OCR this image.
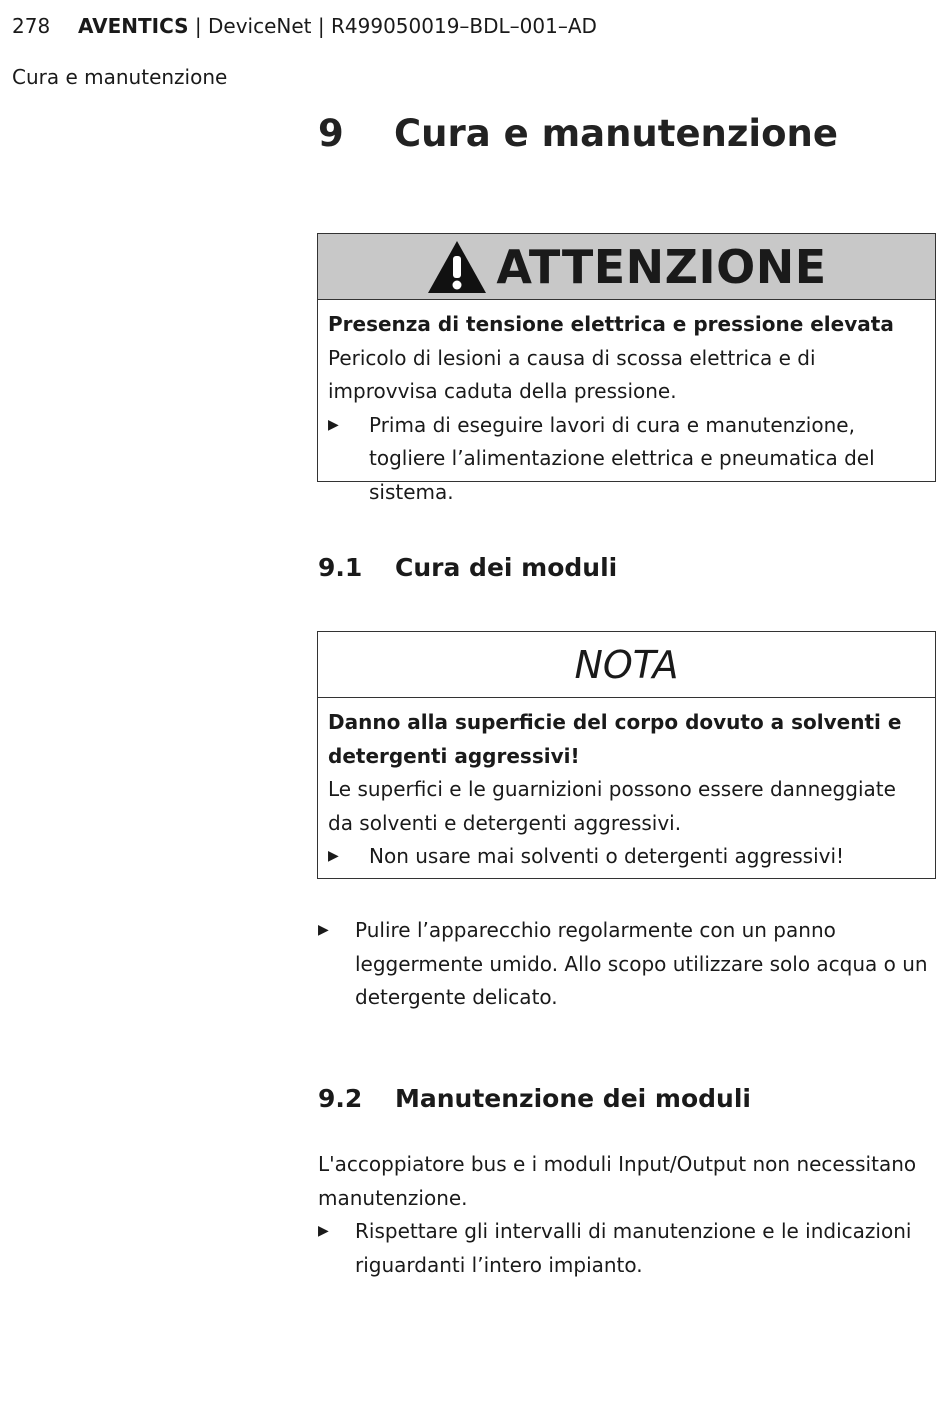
278 AVENTICS | DeviceNet | R499050019–BDL–001–AD
Cura e manutenzione
9 Cura e manutenzione
ATTENZIONE
Presenza di tensione elettrica e pressione elevata
Pericolo di lesioni a causa di scossa elettrica e di improvvisa caduta della pressione.
▶	Prima di eseguire lavori di cura e manutenzione, togliere l’alimentazione elettrica e pneumatica del sistema.
9.1 Cura dei moduli
NOTA
Danno alla superficie del corpo dovuto a solventi e detergenti aggressivi!
Le superfici e le guarnizioni possono essere danneggiate da solventi e detergenti aggressivi.
▶	Non usare mai solventi o detergenti aggressivi!
▶	Pulire l’apparecchio regolarmente con un panno leggermente umido. Allo scopo utilizzare solo acqua o un detergente delicato.
9.2 Manutenzione dei moduli
L'accoppiatore bus e i moduli Input/Output non necessitano manutenzione.
▶	Rispettare gli intervalli di manutenzione e le indicazioni riguardanti l’intero impianto.
